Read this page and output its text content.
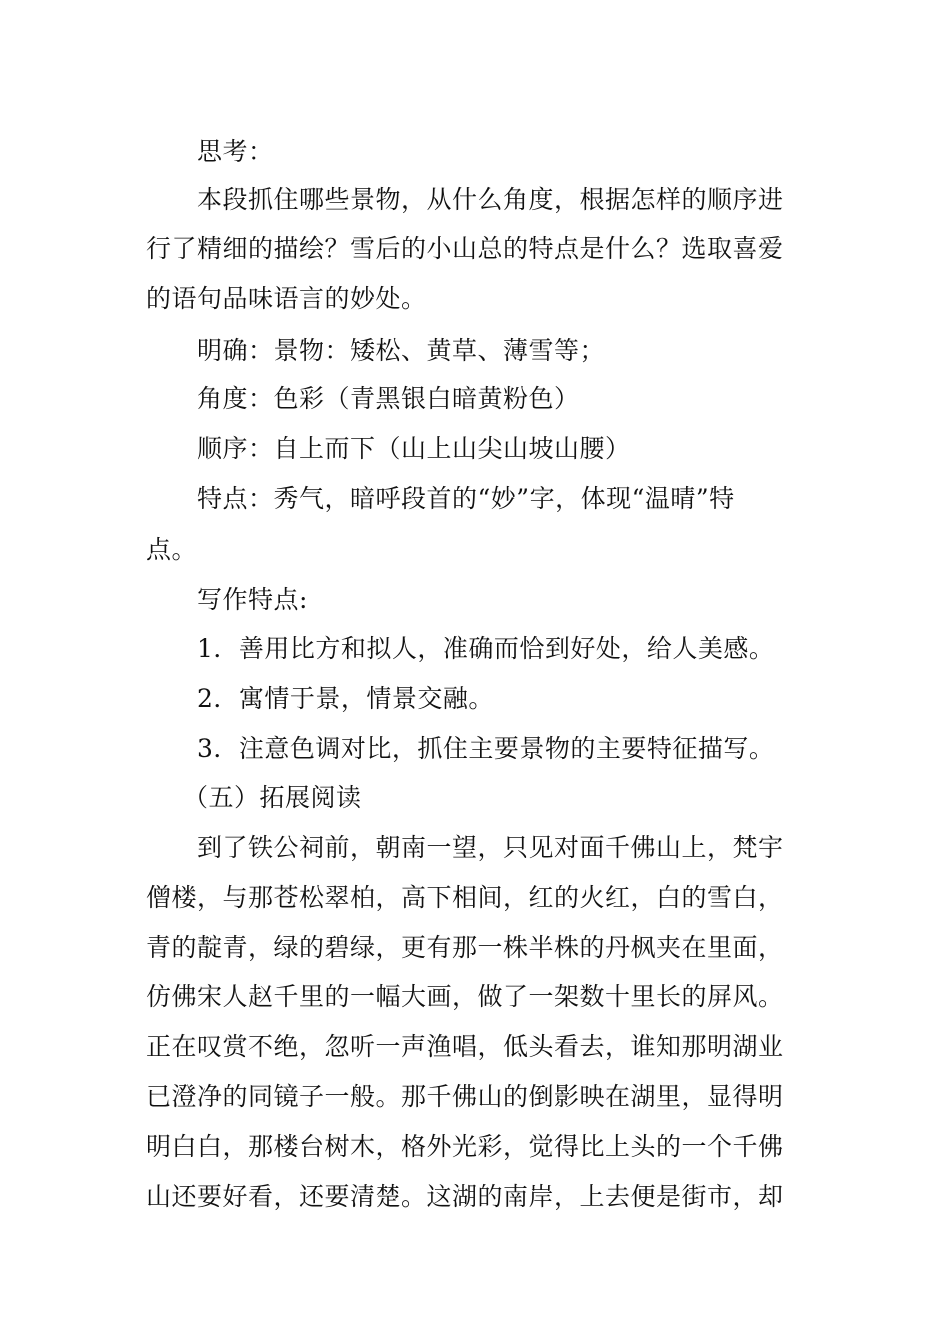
思考：
本段抓住哪些景物，从什么角度，根据怎样的顺序进
行了精细的描绘？雪后的小山总的特点是什么？选取喜爱
的语句品味语言的妙处。
明确：景物：矮松、黄草、薄雪等；
角度：色彩（青黑银白暗黄粉色）
顺序：自上而下（山上山尖山坡山腰）
特点：秀气，暗呼段首的“妙”字，体现“温晴”特
点。
写作特点:
1．善用比方和拟人，准确而恰到好处，给人美感。
2．寓情于景，情景交融。
3．注意色调对比，抓住主要景物的主要特征描写。
（五）拓展阅读
到了铁公祠前，朝南一望，只见对面千佛山上，梵宇
僧楼，与那苍松翠柏，高下相间，红的火红，白的雪白，
青的靛青，绿的碧绿，更有那一株半株的丹枫夹在里面，
仿佛宋人赵千里的一幅大画，做了一架数十里长的屏风。
正在叹赏不绝，忽听一声渔唱，低头看去，谁知那明湖业
已澄净的同镜子一般。那千佛山的倒影映在湖里，显得明
明白白，那楼台树木，格外光彩，觉得比上头的一个千佛
山还要好看，还要清楚。这湖的南岸，上去便是街市，却
